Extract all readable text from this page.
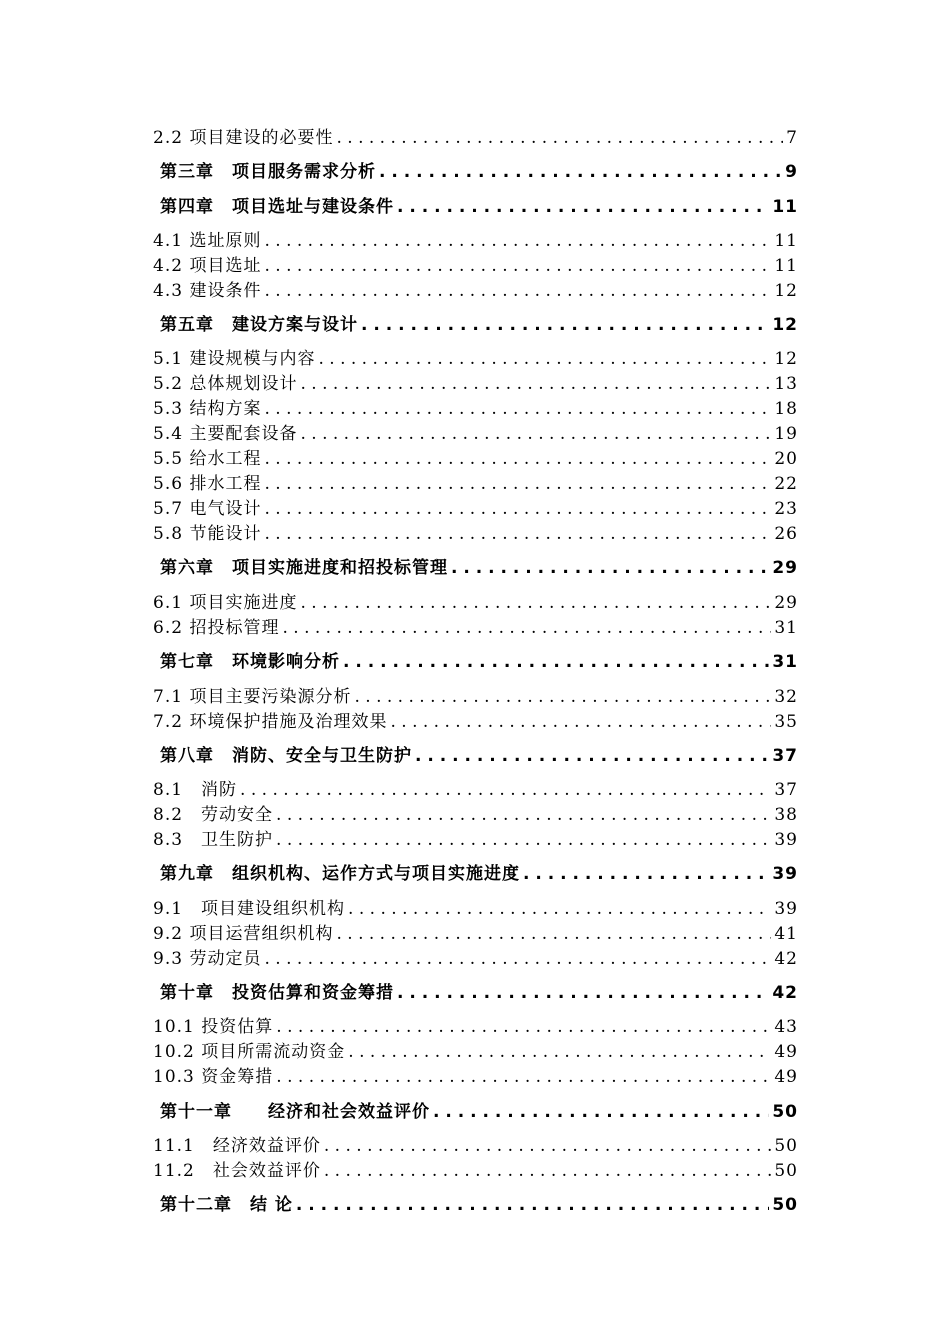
2.2 项目建设的必要性 . . .	7
第三章　项目服务需求分析 . . .	9
第四章　项目选址与建设条件 . . .	11
4.1 选址原则 . . .	11
4.2 项目选址 . . .	11
4.3 建设条件 . . .	12
第五章　建设方案与设计 . . .	12
5.1 建设规模与内容 . . .	12
5.2 总体规划设计 . . .	13
5.3 结构方案 . . .	18
5.4 主要配套设备 . . .	19
5.5 给水工程 . . .	20
5.6 排水工程 . . .	22
5.7 电气设计 . . .	23
5.8 节能设计 . . .	26
第六章　项目实施进度和招投标管理 . . .	29
6.1 项目实施进度 . . .	29
6.2 招投标管理 . . .	31
第七章　环境影响分析 . . .	31
7.1 项目主要污染源分析 . . .	32
7.2 环境保护措施及治理效果 . . .	35
第八章　消防、安全与卫生防护 . . .	37
8.1　消防 . . .	37
8.2　劳动安全 . . .	38
8.3　卫生防护 . . .	39
第九章　组织机构、运作方式与项目实施进度 . . .	39
9.1　项目建设组织机构 . . .	39
9.2 项目运营组织机构 . . .	41
9.3 劳动定员 . . .	42
第十章　投资估算和资金筹措 . . .	42
10.1 投资估算 . . .	43
10.2 项目所需流动资金 . . .	49
10.3 资金筹措 . . .	49
第十一章　　经济和社会效益评价 . . .	50
11.1　经济效益评价 . . .	50
11.2　社会效益评价 . . .	50
第十二章　结 论 . . .	50
